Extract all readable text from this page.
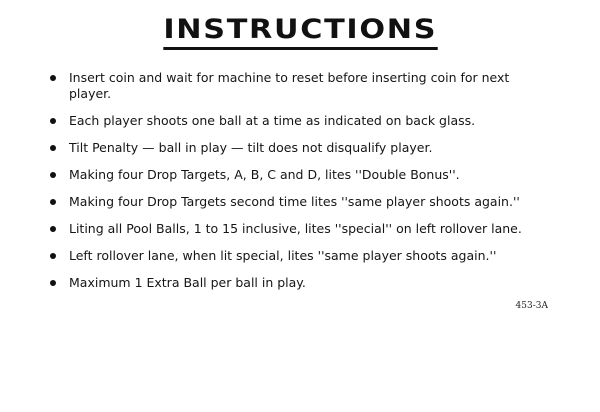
INSTRUCTIONS
Insert coin and wait for machine to reset before inserting coin for next player.
Each player shoots one ball at a time as indicated on back glass.
Tilt Penalty — ball in play — tilt does not disqualify player.
Making four Drop Targets, A, B, C and D, lites ''Double Bonus''.
Making four Drop Targets second time lites ''same player shoots again.''
Liting all Pool Balls, 1 to 15 inclusive, lites ''special'' on left rollover lane.
Left rollover lane, when lit special, lites ''same player shoots again.''
Maximum 1 Extra Ball per ball in play.
453-3A
